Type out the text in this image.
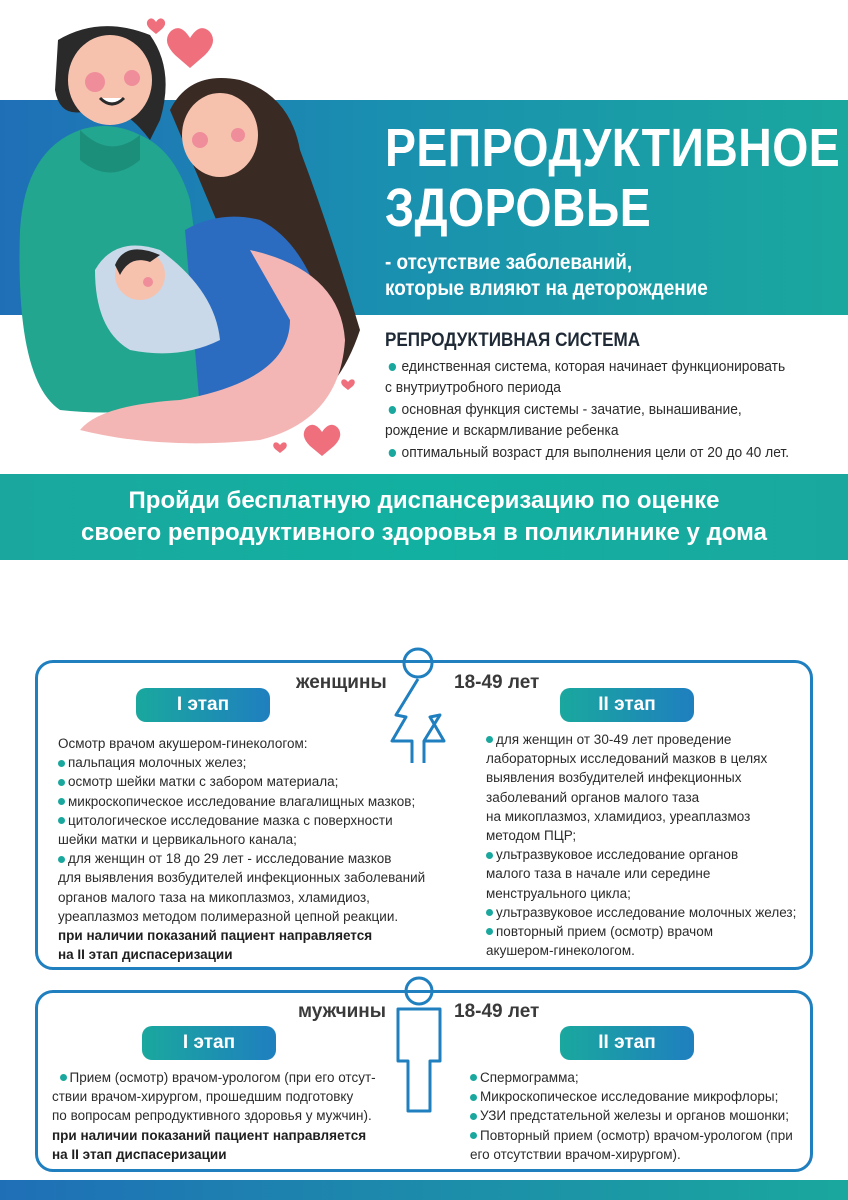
РЕПРОДУКТИВНОЕ
ЗДОРОВЬЕ
- отсутствие заболеваний,
которые влияют на деторождение
РЕПРОДУКТИВНАЯ СИСТЕМА
единственная система, которая начинает функционировать
с внутриутробного периода
основная функция системы - зачатие, вынашивание,
рождение и вскармливание ребенка
оптимальный возраст для выполнения цели от 20 до 40 лет.
Пройди бесплатную диспансеризацию по оценке
своего репродуктивного здоровья в поликлинике у дома
женщины	18-49 лет
I этап	II этап

Осмотр врачом акушером-гинекологом:

пальпация молочных желез;

осмотр шейки матки с забором материала;

микроскопическое исследование влагалищных мазков;

цитологическое исследование мазка с поверхности

шейки матки и цервикального канала;

для женщин от 18 до 29 лет - исследование мазков

для выявления возбудителей инфекционных заболеваний

органов малого таза на микоплазмоз, хламидиоз,

уреаплазмоз методом полимеразной цепной реакции.

при наличии показаний пациент направляется

на II этап диспасеризации

для женщин от 30-49 лет проведение

лабораторных исследований мазков в целях

выявления возбудителей инфекционных

заболеваний органов малого таза

на микоплазмоз, хламидиоз, уреаплазмоз

методом ПЦР;

ультразвуковое исследование органов

малого таза в начале или середине

менструального цикла;

ультразвуковое исследование молочных желез;

повторный прием (осмотр) врачом

акушером-гинекологом.

мужчины	18-49 лет
I этап	II этап

Прием (осмотр) врачом-урологом (при его отсут-

ствии врачом-хирургом, прошедшим подготовку

по вопросам репродуктивного здоровья у мужчин).

при наличии показаний пациент направляется

на II этап диспасеризации

Спермограмма;

Микроскопическое исследование микрофлоры;

УЗИ предстательной железы и органов мошонки;

Повторный прием (осмотр) врачом-урологом (при

его отсутствии врачом-хирургом).
